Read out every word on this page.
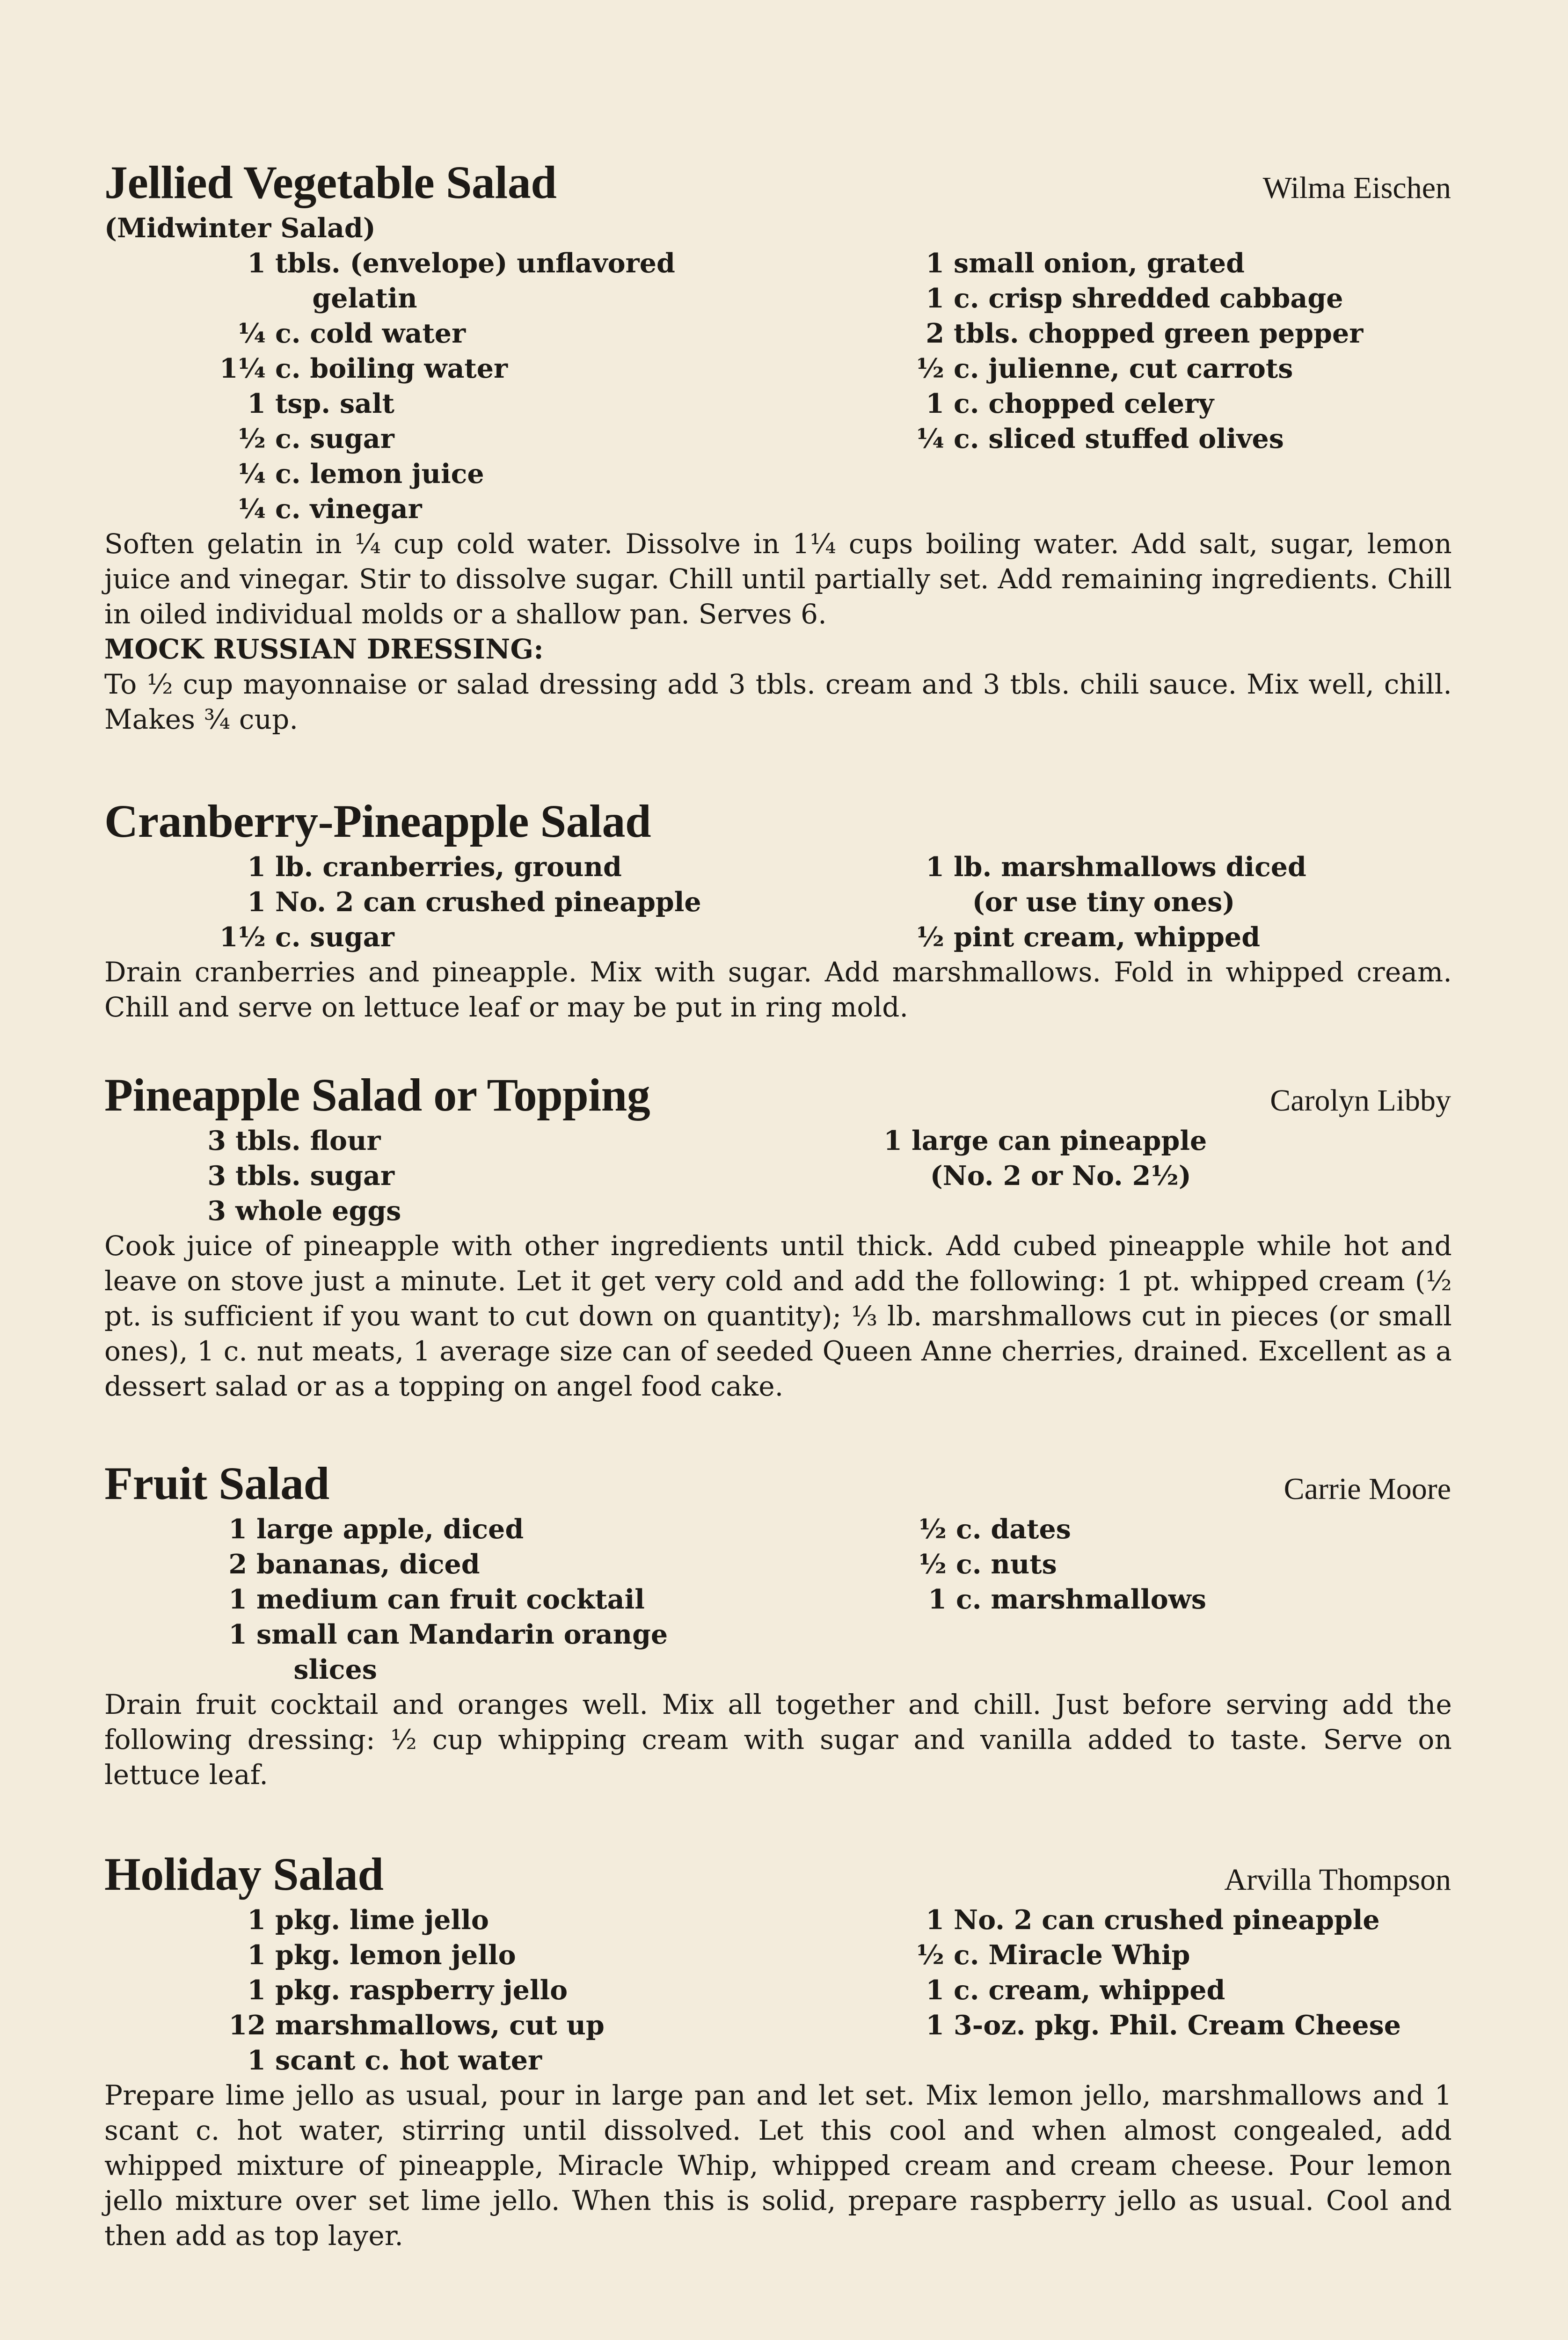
Jellied Vegetable Salad	Wilma Eischen
(Midwinter Salad)
1 tbls. (envelope) unflavored
gelatin
¼ c. cold water
1¼ c. boiling water
1 tsp. salt
½ c. sugar
¼ c. lemon juice
¼ c. vinegar
1 small onion, grated
1 c. crisp shredded cabbage
2 tbls. chopped green pepper
½ c. julienne, cut carrots
1 c. chopped celery
¼ c. sliced stuffed olives

Soften gelatin in ¼ cup cold water. Dissolve in 1¼ cups boiling water. Add salt, sugar, lemon juice and vinegar. Stir to dissolve sugar. Chill until partially set. Add remaining ingredients. Chill in oiled individual molds or a shallow pan. Serves 6.

MOCK RUSSIAN DRESSING:

To ½ cup mayonnaise or salad dressing add 3 tbls. cream and 3 tbls. chili sauce. Mix well, chill. Makes ¾ cup.

Cranberry-Pineapple Salad
1 lb. cranberries, ground
1 No. 2 can crushed pineapple
1½ c. sugar
1 lb. marshmallows diced
(or use tiny ones)
½ pint cream, whipped

Drain cranberries and pineapple. Mix with sugar. Add marshmallows. Fold in whipped cream. Chill and serve on lettuce leaf or may be put in ring mold.

Pineapple Salad or Topping	Carolyn Libby
3 tbls. flour
3 tbls. sugar
3 whole eggs
1 large can pineapple
(No. 2 or No. 2½)

Cook juice of pineapple with other ingredients until thick. Add cubed pineapple while hot and leave on stove just a minute. Let it get very cold and add the following: 1 pt. whipped cream (½ pt. is sufficient if you want to cut down on quantity); ⅓ lb. marshmallows cut in pieces (or small ones), 1 c. nut meats, 1 average size can of seeded Queen Anne cherries, drained. Excellent as a dessert salad or as a topping on angel food cake.

Fruit Salad	Carrie Moore
1 large apple, diced
2 bananas, diced
1 medium can fruit cocktail
1 small can Mandarin orange
slices
½ c. dates
½ c. nuts
1 c. marshmallows

Drain fruit cocktail and oranges well. Mix all together and chill. Just before serving add the following dressing: ½ cup whipping cream with sugar and vanilla added to taste. Serve on lettuce leaf.

Holiday Salad	Arvilla Thompson
1 pkg. lime jello
1 pkg. lemon jello
1 pkg. raspberry jello
12 marshmallows, cut up
1 scant c. hot water
1 No. 2 can crushed pineapple
½ c. Miracle Whip
1 c. cream, whipped
1 3-oz. pkg. Phil. Cream Cheese

Prepare lime jello as usual, pour in large pan and let set. Mix lemon jello, marshmallows and 1 scant c. hot water, stirring until dissolved. Let this cool and when almost congealed, add whipped mixture of pineapple, Miracle Whip, whipped cream and cream cheese. Pour lemon jello mixture over set lime jello. When this is solid, prepare raspberry jello as usual. Cool and then add as top layer.
